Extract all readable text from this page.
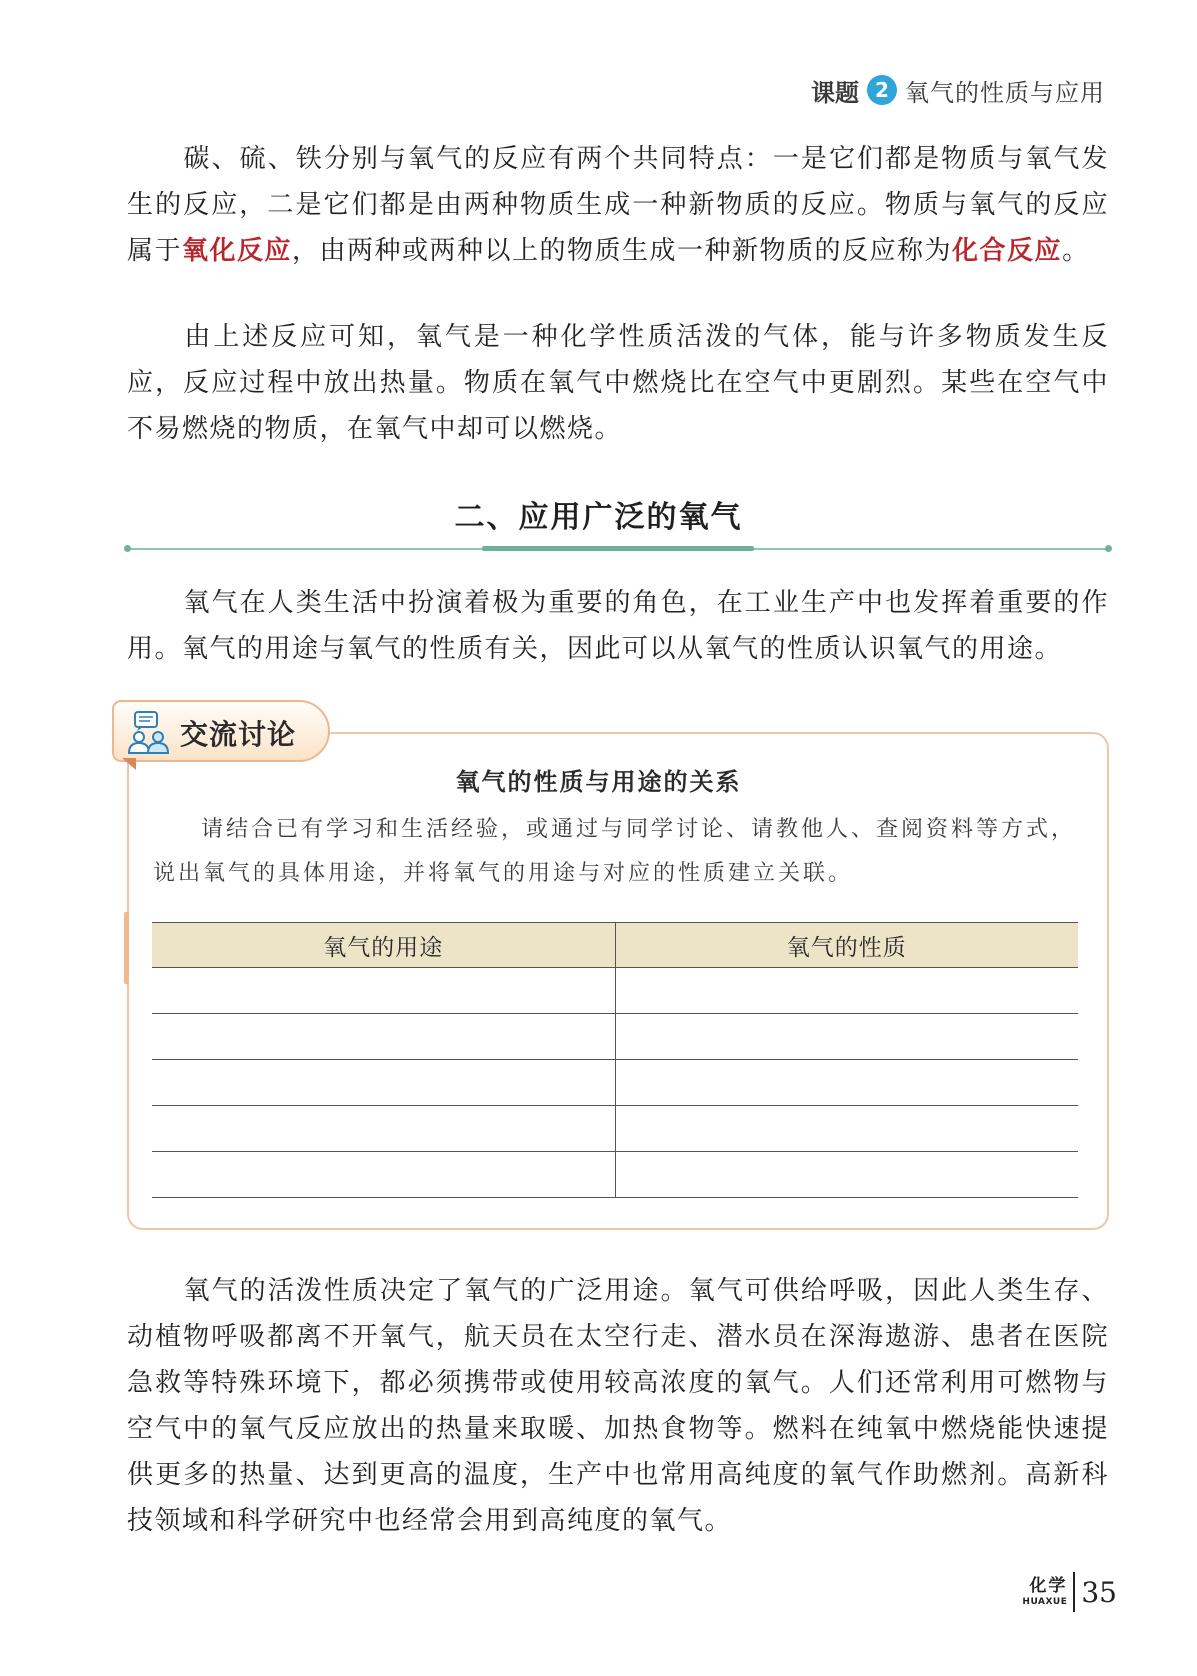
课题 2 氧气的性质与应用
碳、硫、铁分别与氧气的反应有两个共同特点：一是它们都是物质与氧气发生的反应，二是它们都是由两种物质生成一种新物质的反应。物质与氧气的反应属于氧化反应，由两种或两种以上的物质生成一种新物质的反应称为化合反应。
由上述反应可知，氧气是一种化学性质活泼的气体，能与许多物质发生反应，反应过程中放出热量。物质在氧气中燃烧比在空气中更剧烈。某些在空气中不易燃烧的物质，在氧气中却可以燃烧。
二、应用广泛的氧气
氧气在人类生活中扮演着极为重要的角色，在工业生产中也发挥着重要的作用。氧气的用途与氧气的性质有关，因此可以从氧气的性质认识氧气的用途。
交流讨论
氧气的性质与用途的关系
请结合已有学习和生活经验，或通过与同学讨论、请教他人、查阅资料等方式，说出氧气的具体用途，并将氧气的用途与对应的性质建立关联。
氧气的用途	氧气的性质

氧气的活泼性质决定了氧气的广泛用途。氧气可供给呼吸，因此人类生存、动植物呼吸都离不开氧气，航天员在太空行走、潜水员在深海遨游、患者在医院急救等特殊环境下，都必须携带或使用较高浓度的氧气。人们还常利用可燃物与空气中的氧气反应放出的热量来取暖、加热食物等。燃料在纯氧中燃烧能快速提供更多的热量、达到更高的温度，生产中也常用高纯度的氧气作助燃剂。高新科技领域和科学研究中也经常会用到高纯度的氧气。
化学
HUAXUE 35
